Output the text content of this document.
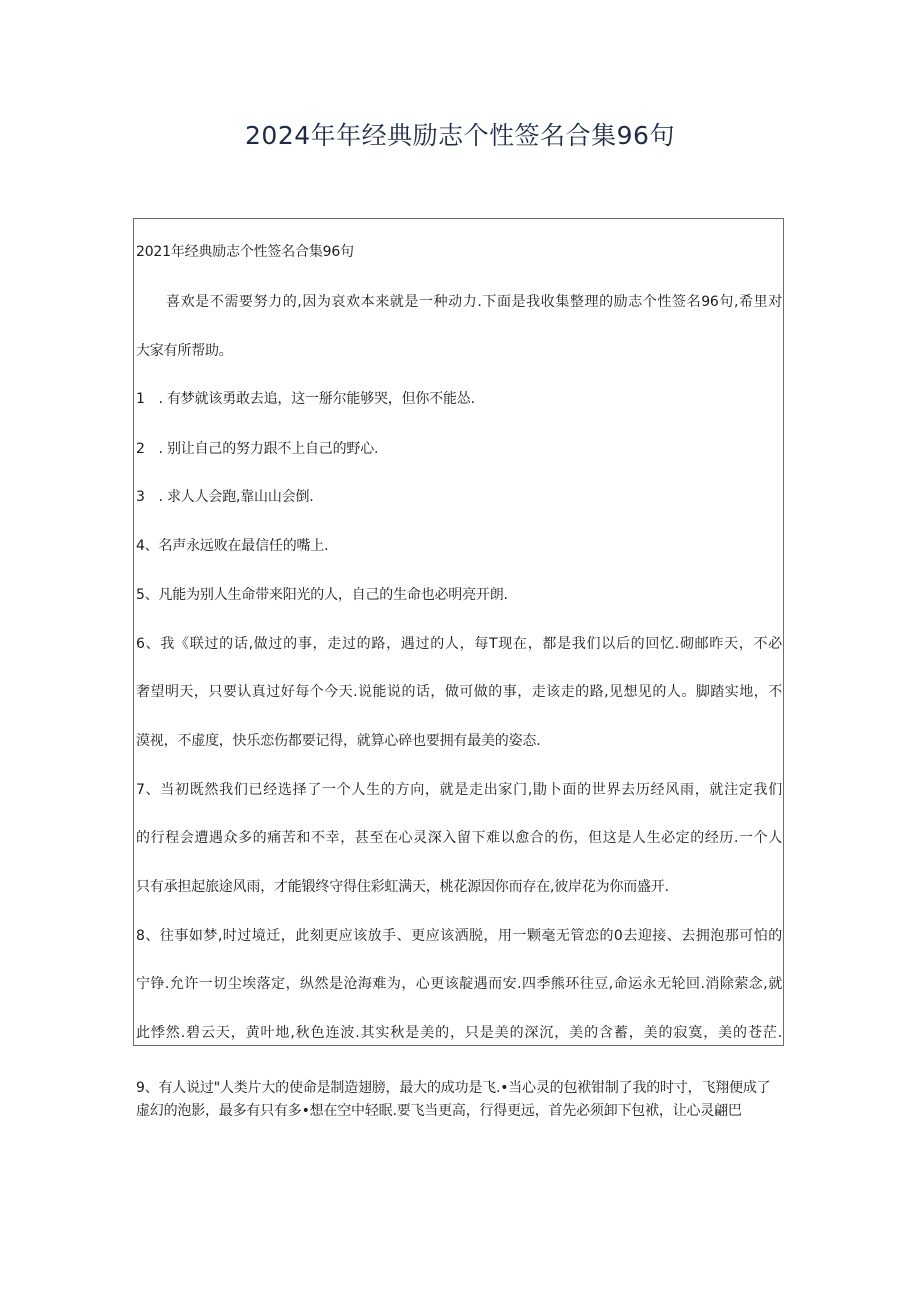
2024年年经典励志个性签名合集96句
2021年经典励志个性签名合集96句
喜欢是不需要努力的,因为哀欢本来就是一种动力.下面是我收集整理的励志个性签名96句,希里对
大家有所帮助。
1　. 有梦就该勇敢去追，这一掰尔能够哭，但你不能怂.
2　. 别让自己的努力跟不上自己的野心.
3　. 求人人会跑,靠山山会倒.
4、名声永远败在最信任的嘴上.
5、凡能为别人生命带来阳光的人，自己的生命也必明亮开朗.
6、我《联过的话,做过的事，走过的路，遇过的人，每T现在，都是我们以后的回忆.砌邮昨天，不必
奢望明天，只要认真过好每个今天.说能说的话，做可做的事，走该走的路,见想见的人。脚踏实地，不
漠视，不虚度，快乐恋伤都要记得，就算心碎也要拥有最美的姿态.
7、当初既然我们已经选择了一个人生的方向，就是走出家门,勖卜面的世界去历经风雨，就注定我们
的行程会遭遇众多的痛苦和不幸，甚至在心灵深入留下难以愈合的伤，但这是人生必定的经历.一个人
只有承担起旅途风雨，才能锻终守得住彩虹满天，桃花源因你而存在,彼岸花为你而盛开.
8、往事如梦,时过境迁，此刻更应该放手、更应该洒脱，用一颗毫无管恋的0去迎接、去拥泡那可怕的
宁铮.允许一切尘埃落定，纵然是沧海难为，心更该靛遇而安.四季熊环往豆,命运永无轮回.消除萦念,就
此悸然.碧云天，黄叶地,秋色连波.其实秋是美的，只是美的深沉，美的含蓄，美的寂寞，美的苍茫.
9、有人说过"人类片大的使命是制造翅膀，最大的成功是飞.•当心灵的包袱钳制了我的时寸，飞翔便成了虚幻的泡影，最多有只有多•想在空中轻眠.要飞当更高，行得更远，首先必须卸下包袱，让心灵翩巴
